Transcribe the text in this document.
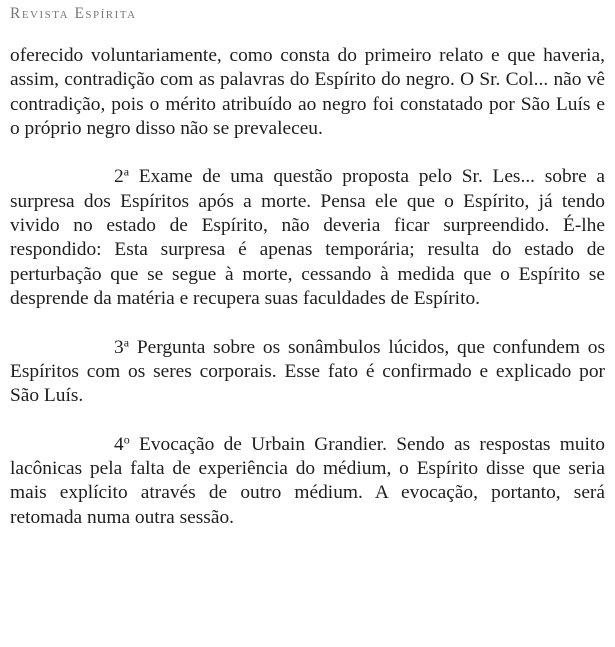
Revista Espírita

oferecido voluntariamente, como consta do primeiro relato e que haveria, assim, contradição com as palavras do Espírito do negro. O Sr. Col... não vê contradição, pois o mérito atribuído ao negro foi constatado por São Luís e o próprio negro disso não se prevaleceu.

2$^a$ Exame de uma questão proposta pelo Sr. Les... sobre a surpresa dos Espíritos após a morte. Pensa ele que o Espírito, já tendo vivido no estado de Espírito, não deveria ficar surpreendido. É-lhe respondido: Esta surpresa é apenas temporária; resulta do estado de perturbação que se segue à morte, cessando à medida que o Espírito se desprende da matéria e recupera suas faculdades de Espírito.

3$^a$ Pergunta sobre os sonâmbulos lúcidos, que confundem os Espíritos com os seres corporais. Esse fato é confirmado e explicado por São Luís.

4$^o$ Evocação de Urbain Grandier. Sendo as respostas muito lacônicas pela falta de experiência do médium, o Espírito disse que seria mais explícito através de outro médium. A evocação, portanto, será retomada numa outra sessão.
